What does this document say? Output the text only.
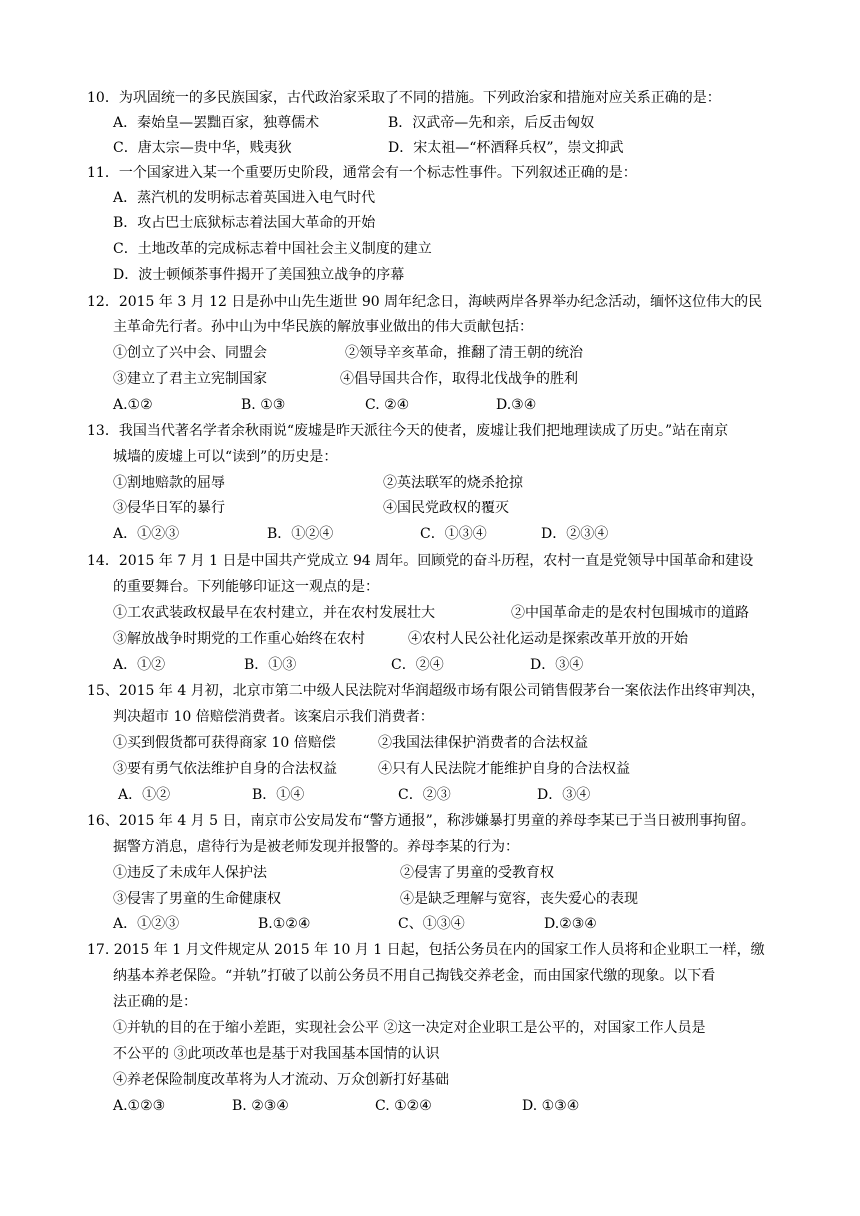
10．为巩固统一的多民族国家，古代政治家采取了不同的措施。下列政治家和措施对应关系正确的是：
A．秦始皇—罢黜百家，独尊儒术	B．汉武帝—先和亲，后反击匈奴
C．唐太宗—贵中华，贱夷狄	D．宋太祖—“杯酒释兵权”，崇文抑武
11．一个国家进入某一个重要历史阶段，通常会有一个标志性事件。下列叙述正确的是：
A．蒸汽机的发明标志着英国进入电气时代
B．攻占巴士底狱标志着法国大革命的开始
C．土地改革的完成标志着中国社会主义制度的建立
D．波士顿倾茶事件揭开了美国独立战争的序幕
12．2015 年 3 月 12 日是孙中山先生逝世 90 周年纪念日，海峡两岸各界举办纪念活动，缅怀这位伟大的民
主革命先行者。孙中山为中华民族的解放事业做出的伟大贡献包括：
①创立了兴中会、同盟会	②领导辛亥革命，推翻了清王朝的统治
③建立了君主立宪制国家	④倡导国共合作，取得北伐战争的胜利
A.①②	B. ①③	C. ②④	D.③④
13．我国当代著名学者余秋雨说“废墟是昨天派往今天的使者，废墟让我们把地理读成了历史。”站在南京
城墙的废墟上可以“读到”的历史是：
①割地赔款的屈辱	②英法联军的烧杀抢掠
③侵华日军的暴行	④国民党政权的覆灭
A．①②③	B．①②④	C．①③④	D．②③④
14．2015 年 7 月 1 日是中国共产党成立 94 周年。回顾党的奋斗历程，农村一直是党领导中国革命和建设
的重要舞台。下列能够印证这一观点的是：
①工农武装政权最早在农村建立，并在农村发展壮大	②中国革命走的是农村包围城市的道路
③解放战争时期党的工作重心始终在农村	④农村人民公社化运动是探索改革开放的开始
A．①②	B．①③	C．②④	D．③④
15、2015 年 4 月初，北京市第二中级人民法院对华润超级市场有限公司销售假茅台一案依法作出终审判决，
判决超市 10 倍赔偿消费者。该案启示我们消费者：
①买到假货都可获得商家 10 倍赔偿	②我国法律保护消费者的合法权益
③要有勇气依法维护自身的合法权益	④只有人民法院才能维护自身的合法权益
A．①②	B．①④	C．②③	D．③④
16、2015 年 4 月 5 日，南京市公安局发布“警方通报”，称涉嫌暴打男童的养母李某已于当日被刑事拘留。
据警方消息，虐待行为是被老师发现并报警的。养母李某的行为：
①违反了未成年人保护法	②侵害了男童的受教育权
③侵害了男童的生命健康权	④是缺乏理解与宽容，丧失爱心的表现
A．①②③	B.①②④	C、①③④	D.②③④
17. 2015 年 1 月文件规定从 2015 年 10 月 1 日起，包括公务员在内的国家工作人员将和企业职工一样，缴
纳基本养老保险。“并轨”打破了以前公务员不用自己掏钱交养老金，而由国家代缴的现象。以下看
法正确的是：
①并轨的目的在于缩小差距，实现社会公平 ②这一决定对企业职工是公平的，对国家工作人员是
不公平的 ③此项改革也是基于对我国基本国情的认识
④养老保险制度改革将为人才流动、万众创新打好基础
A.①②③	B. ②③④	C. ①②④	D. ①③④
